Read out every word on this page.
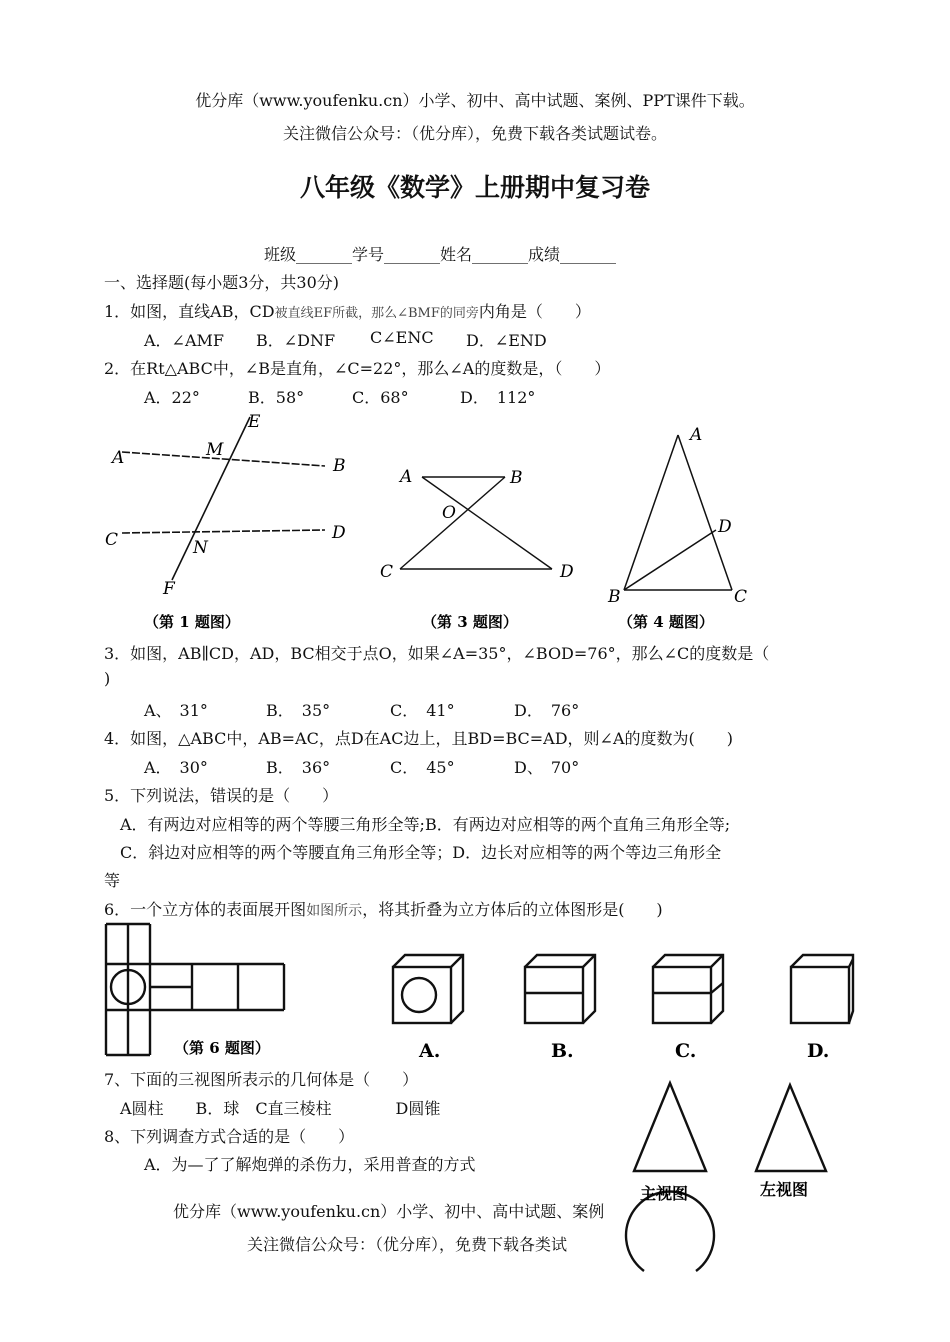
优分库（www.youfenku.cn）小学、初中、高中试题、案例、PPT课件下载。
关注微信公众号：（优分库），免费下载各类试题试卷。
八年级《数学》上册期中复习卷
班级_______学号_______姓名_______成绩_______
一、选择题(每小题3分，共30分)
1．如图，直线AB，CD被直线EF所截，那么∠BMF的同旁内角是（　　）
A．∠AMF B．∠DNF C∠ENC D．∠END
2．在Rt△ABC中，∠B是直角，∠C=22°，那么∠A的度数是，（　　）
A．22°	B．58°	C．68°	D．　112°
A	M
E
B
C	N
D
F
（第 1 题图）
A	B
O
C	D
（第 3 题图）
A
D
B	C
（第 4 题图）
3．如图，AB∥CD，AD，BC相交于点O，如果∠A=35°，∠BOD=76°，那么∠C的度数是（
)
A、　31°	B．　35°	C．　41°	D．　76°
4．如图，△ABC中，AB=AC，点D在AC边上，且BD=BC=AD，则∠A的度数为(　　)
A．　30°	B．　36°	C．　45°	D、　70°
5．下列说法，错误的是（　　）
A．有两边对应相等的两个等腰三角形全等;B．有两边对应相等的两个直角三角形全等;
C．斜边对应相等的两个等腰直角三角形全等；D．边长对应相等的两个等边三角形全
等
6．一个立方体的表面展开图如图所示，将其折叠为立方体后的立体图形是(　　)
（第 6 题图）	A.	B.	C.	D.
7、下面的三视图所表示的几何体是（　　）
A圆柱　　B．球　C直三棱柱　　　　D圆锥
主视图	左视图
8、下列调查方式合适的是（　　）
A．为—了了解炮弹的杀伤力，采用普查的方式
优分库（www.youfenku.cn）小学、初中、高中试题、案例
关注微信公众号：（优分库），免费下载各类试
